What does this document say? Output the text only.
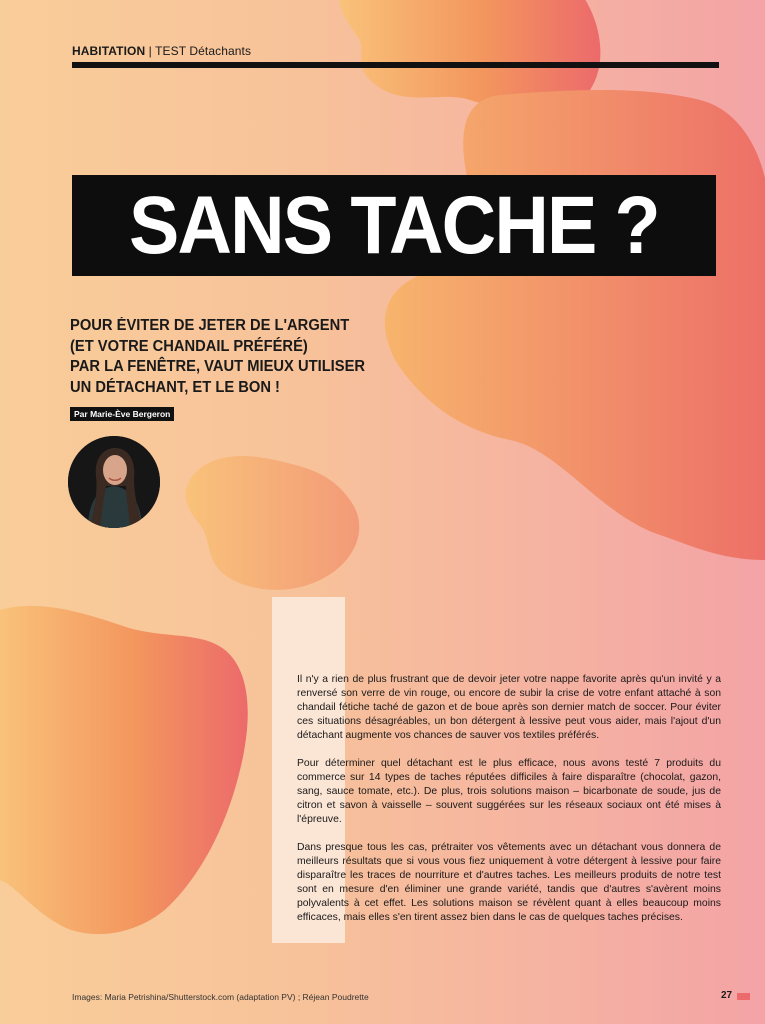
HABITATION | TEST Détachants
SANS TACHE ?
POUR ÉVITER DE JETER DE L'ARGENT
(ET VOTRE CHANDAIL PRÉFÉRÉ)
PAR LA FENÊTRE, VAUT MIEUX UTILISER
UN DÉTACHANT, ET LE BON !
Par Marie-Ève Bergeron

Il n'y a rien de plus frustrant que de devoir jeter votre nappe favorite après qu'un invité y a renversé son verre de vin rouge, ou encore de subir la crise de votre enfant attaché à son chandail fétiche taché de gazon et de boue après son dernier match de soccer. Pour éviter ces situations désagréables, un bon détergent à lessive peut vous aider, mais l'ajout d'un détachant augmente vos chances de sauver vos textiles préférés.

Pour déterminer quel détachant est le plus efficace, nous avons testé 7 produits du commerce sur 14 types de taches réputées difficiles à faire disparaître (chocolat, gazon, sang, sauce tomate, etc.). De plus, trois solutions maison – bicarbonate de soude, jus de citron et savon à vaisselle – souvent suggérées sur les réseaux sociaux ont été mises à l'épreuve.

Dans presque tous les cas, prétraiter vos vêtements avec un détachant vous donnera de meilleurs résultats que si vous vous fiez uniquement à votre détergent à lessive pour faire disparaître les traces de nourriture et d'autres taches. Les meilleurs produits de notre test sont en mesure d'en éliminer une grande variété, tandis que d'autres s'avèrent moins polyvalents à cet effet. Les solutions maison se révèlent quant à elles beaucoup moins efficaces, mais elles s'en tirent assez bien dans le cas de quelques taches précises.

Images: Maria Petrishina/Shutterstock.com (adaptation PV) ; Réjean Poudrette	27
